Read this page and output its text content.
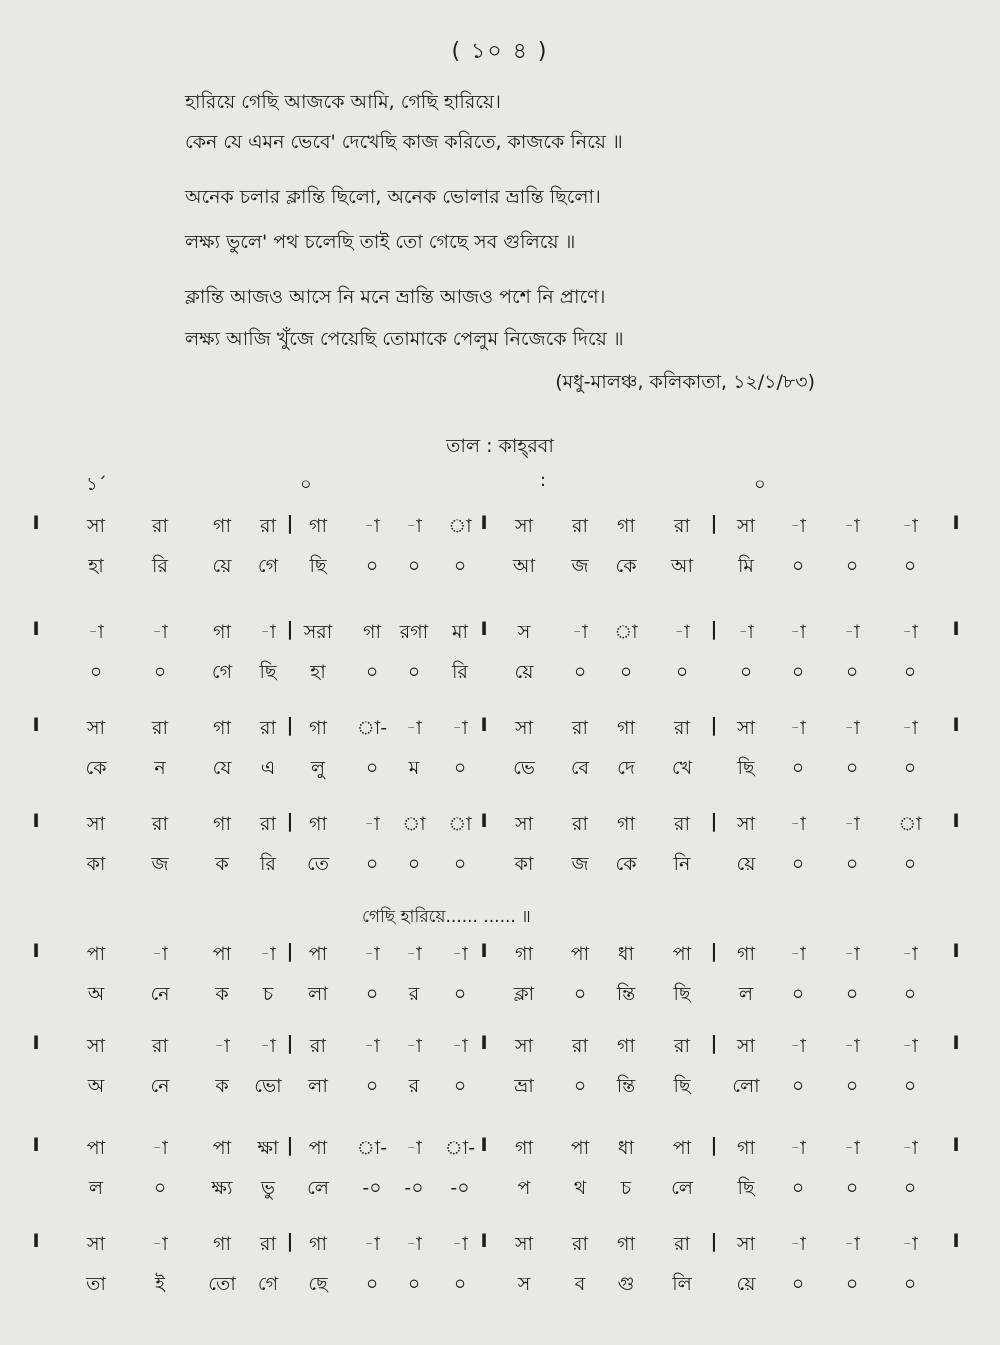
( ১০ ৪ )
হারিয়ে গেছি আজকে আমি, গেছি হারিয়ে।
কেন যে এমন ভেবে' দেখেছি কাজ করিতে, কাজকে নিয়ে ॥
অনেক চলার ক্লান্তি ছিলো, অনেক ভোলার ভ্রান্তি ছিলো।
লক্ষ্য ভুলে' পথ চলেছি তাই তো গেছে সব গুলিয়ে ॥
ক্লান্তি আজও আসে নি মনে ভ্রান্তি আজও পশে নি প্রাণে।
লক্ষ্য আজি খুঁজে পেয়েছি তোমাকে পেলুম নিজেকে দিয়ে ॥
(মধু-মালঞ্চ, কলিকাতা, ১২/১/৮৩)
তাল : কাহ্‌রবা
১´	০	:	০
I	|	I	|	I
সা	রা	গা	রা	গা	-া	-া	া	সা	রা	গা	রা	সা	-া	-া	-া
হা	রি	য়ে	গে	ছি	০	০	০	আ	জ	কে	আ	মি	০	০	০
I	|	I	|	I
-া	-া	গা	-া	সরা	গা রগা	মা	স	-া	া	-া	-া	-া	-া	-া
০	০	গে	ছি	হা	০	০	রি	য়ে	০	০	০	০	০	০	০
I	|	I	|	I
সা	রা	গা	রা	গা	া-	-া	-া	সা	রা	গা	রা	সা	-া	-া	-া
কে	ন	যে	এ	লু	০	ম	০	ভে	বে	দে	খে	ছি	০	০	০
I	|	I	|	I
সা	রা	গা	রা	গা	-া	া	া	সা	রা	গা	রা	সা	-া	-া	া
কা	জ	ক	রি	তে	০	০	০	কা	জ	কে	নি	য়ে	০	০	০
I	|	I	|	I
পা	-া	পা	-া	পা	-া	-া	-া	গা	পা	ধা	পা	গা	-া	-া	-া
অ	নে	ক	চ	লা	০	র	০	ক্লা	০	ন্তি	ছি	ল	০	০	০
I	|	I	|	I
সা	রা	-া	-া	রা	-া	-া	-া	সা	রা	গা	রা	সা	-া	-া	-া
অ	নে	ক	ভো	লা	০	র	০	ভ্রা	০	ন্তি	ছি	লো	০	০	০
I	|	I	|	I
পা	-া	পা	ক্ষা	পা	া-	-া	া-	গা	পা	ধা	পা	গা	-া	-া	-া
ল	০	ক্ষ্য	ভু	লে	-০	-০	-০	প	থ	চ	লে	ছি	০	০	০
I	|	I	|	I
সা	-া	গা	রা	গা	-া	-া	-া	সা	রা	গা	রা	সা	-া	-া	-া
তা	ই	তো	গে	ছে	০	০	০	স	ব	গু	লি	য়ে	০	০	০
গেছি হারিয়ে...... ...... ॥
